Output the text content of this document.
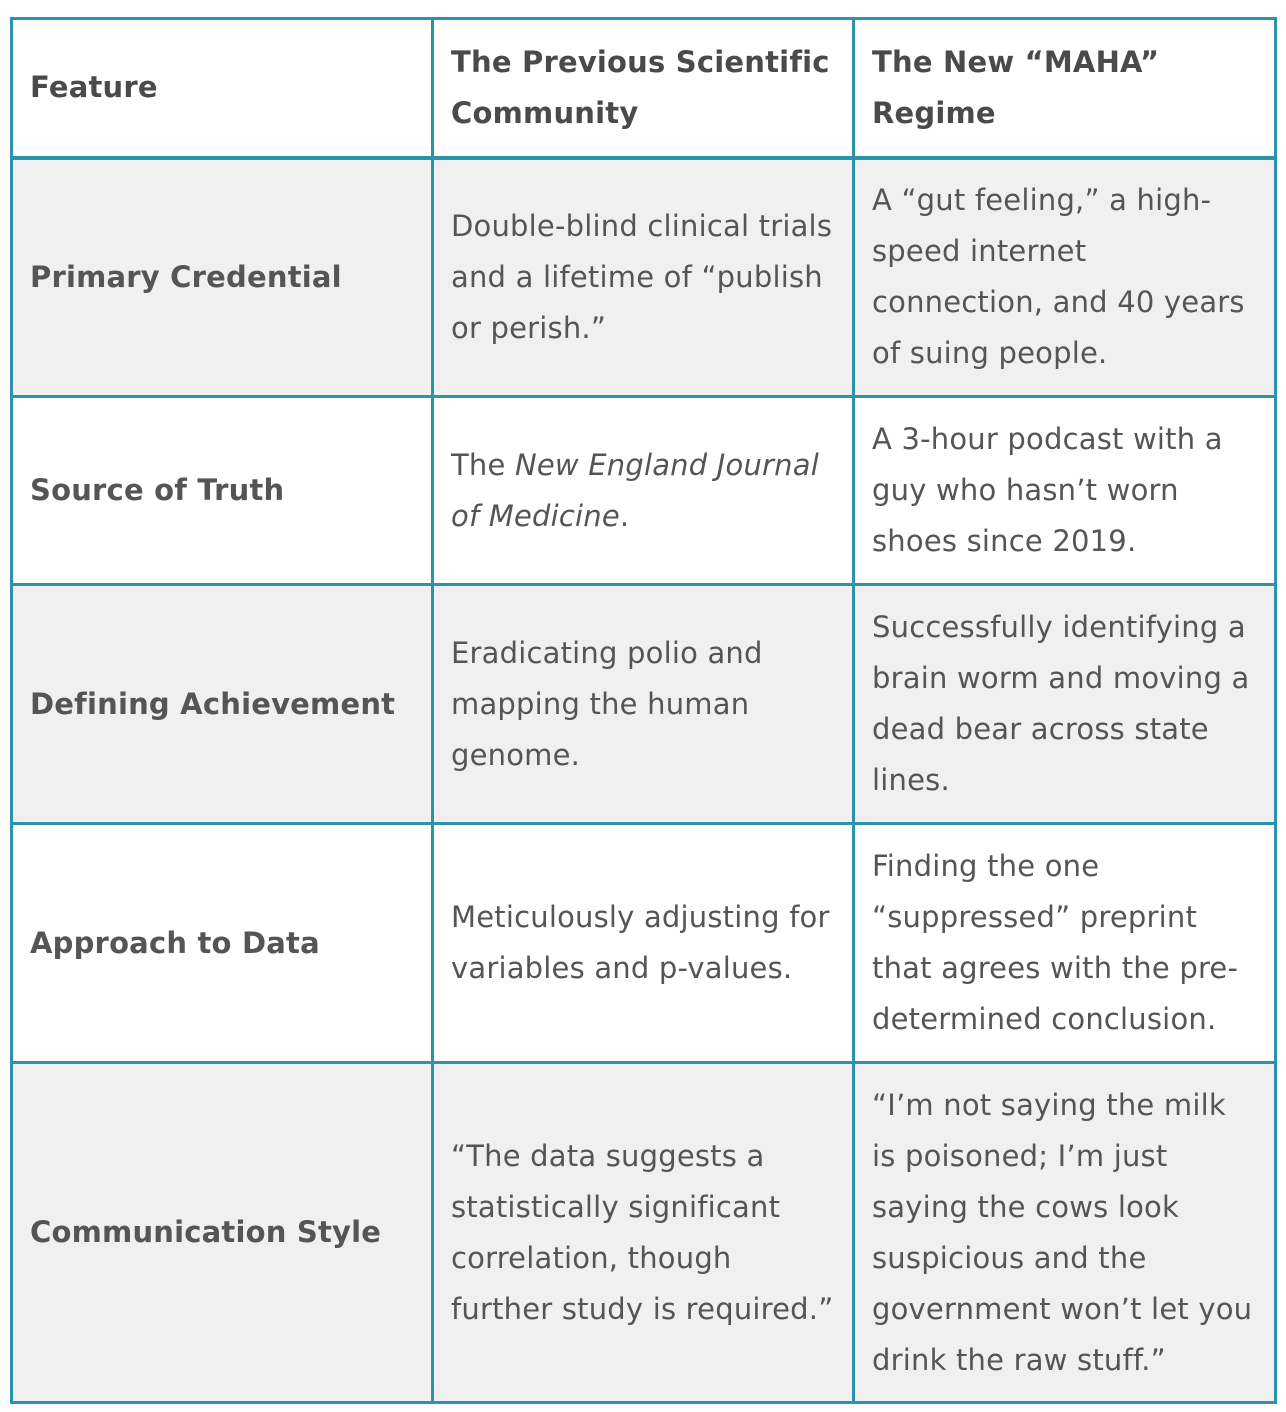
Feature	The Previous Scientific Community	The New “MAHA” Regime
Primary Credential	Double-blind clinical trials and a lifetime of “publish or perish.”	A “gut feeling,” a high-speed internet connection, and 40 years of suing people.
Source of Truth	The New England Journal of Medicine.	A 3-hour podcast with a guy who hasn’t worn shoes since 2019.
Defining Achievement	Eradicating polio and mapping the human genome.	Successfully identifying a brain worm and moving a dead bear across state lines.
Approach to Data	Meticulously adjusting for variables and p-values.	Finding the one “suppressed” preprint that agrees with the pre-determined conclusion.
Communication Style	“The data suggests a statistically significant correlation, though further study is required.”	“I’m not saying the milk is poisoned; I’m just saying the cows look suspicious and the government won’t let you drink the raw stuff.”
